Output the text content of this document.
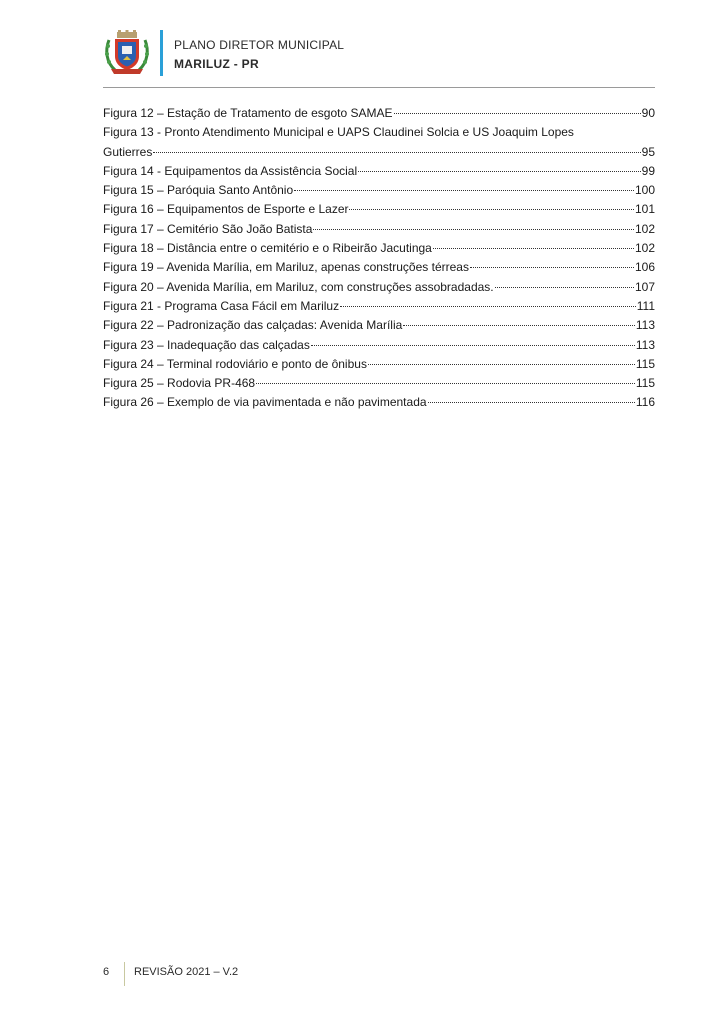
PLANO DIRETOR MUNICIPAL
MARILUZ - PR
Figura 12 – Estação de Tratamento de esgoto SAMAE	90
Figura 13 - Pronto Atendimento Municipal e UAPS Claudinei Solcia e US Joaquim Lopes
Gutierres	95
Figura 14 - Equipamentos da Assistência Social	99
Figura 15 – Paróquia Santo Antônio	100
Figura 16 – Equipamentos de Esporte e Lazer	101
Figura 17 – Cemitério São João Batista	102
Figura 18 – Distância entre o cemitério e o Ribeirão Jacutinga	102
Figura 19 – Avenida Marília, em Mariluz, apenas construções térreas	106
Figura 20 – Avenida Marília, em Mariluz, com construções assobradadas.	107
Figura 21 - Programa Casa Fácil em Mariluz	111
Figura 22 – Padronização das calçadas: Avenida Marília	113
Figura 23 – Inadequação das calçadas	113
Figura 24 – Terminal rodoviário e ponto de ônibus	115
Figura 25 – Rodovia PR-468	115
Figura 26 – Exemplo de via pavimentada e não pavimentada	116
6 REVISÃO 2021 – V.2
